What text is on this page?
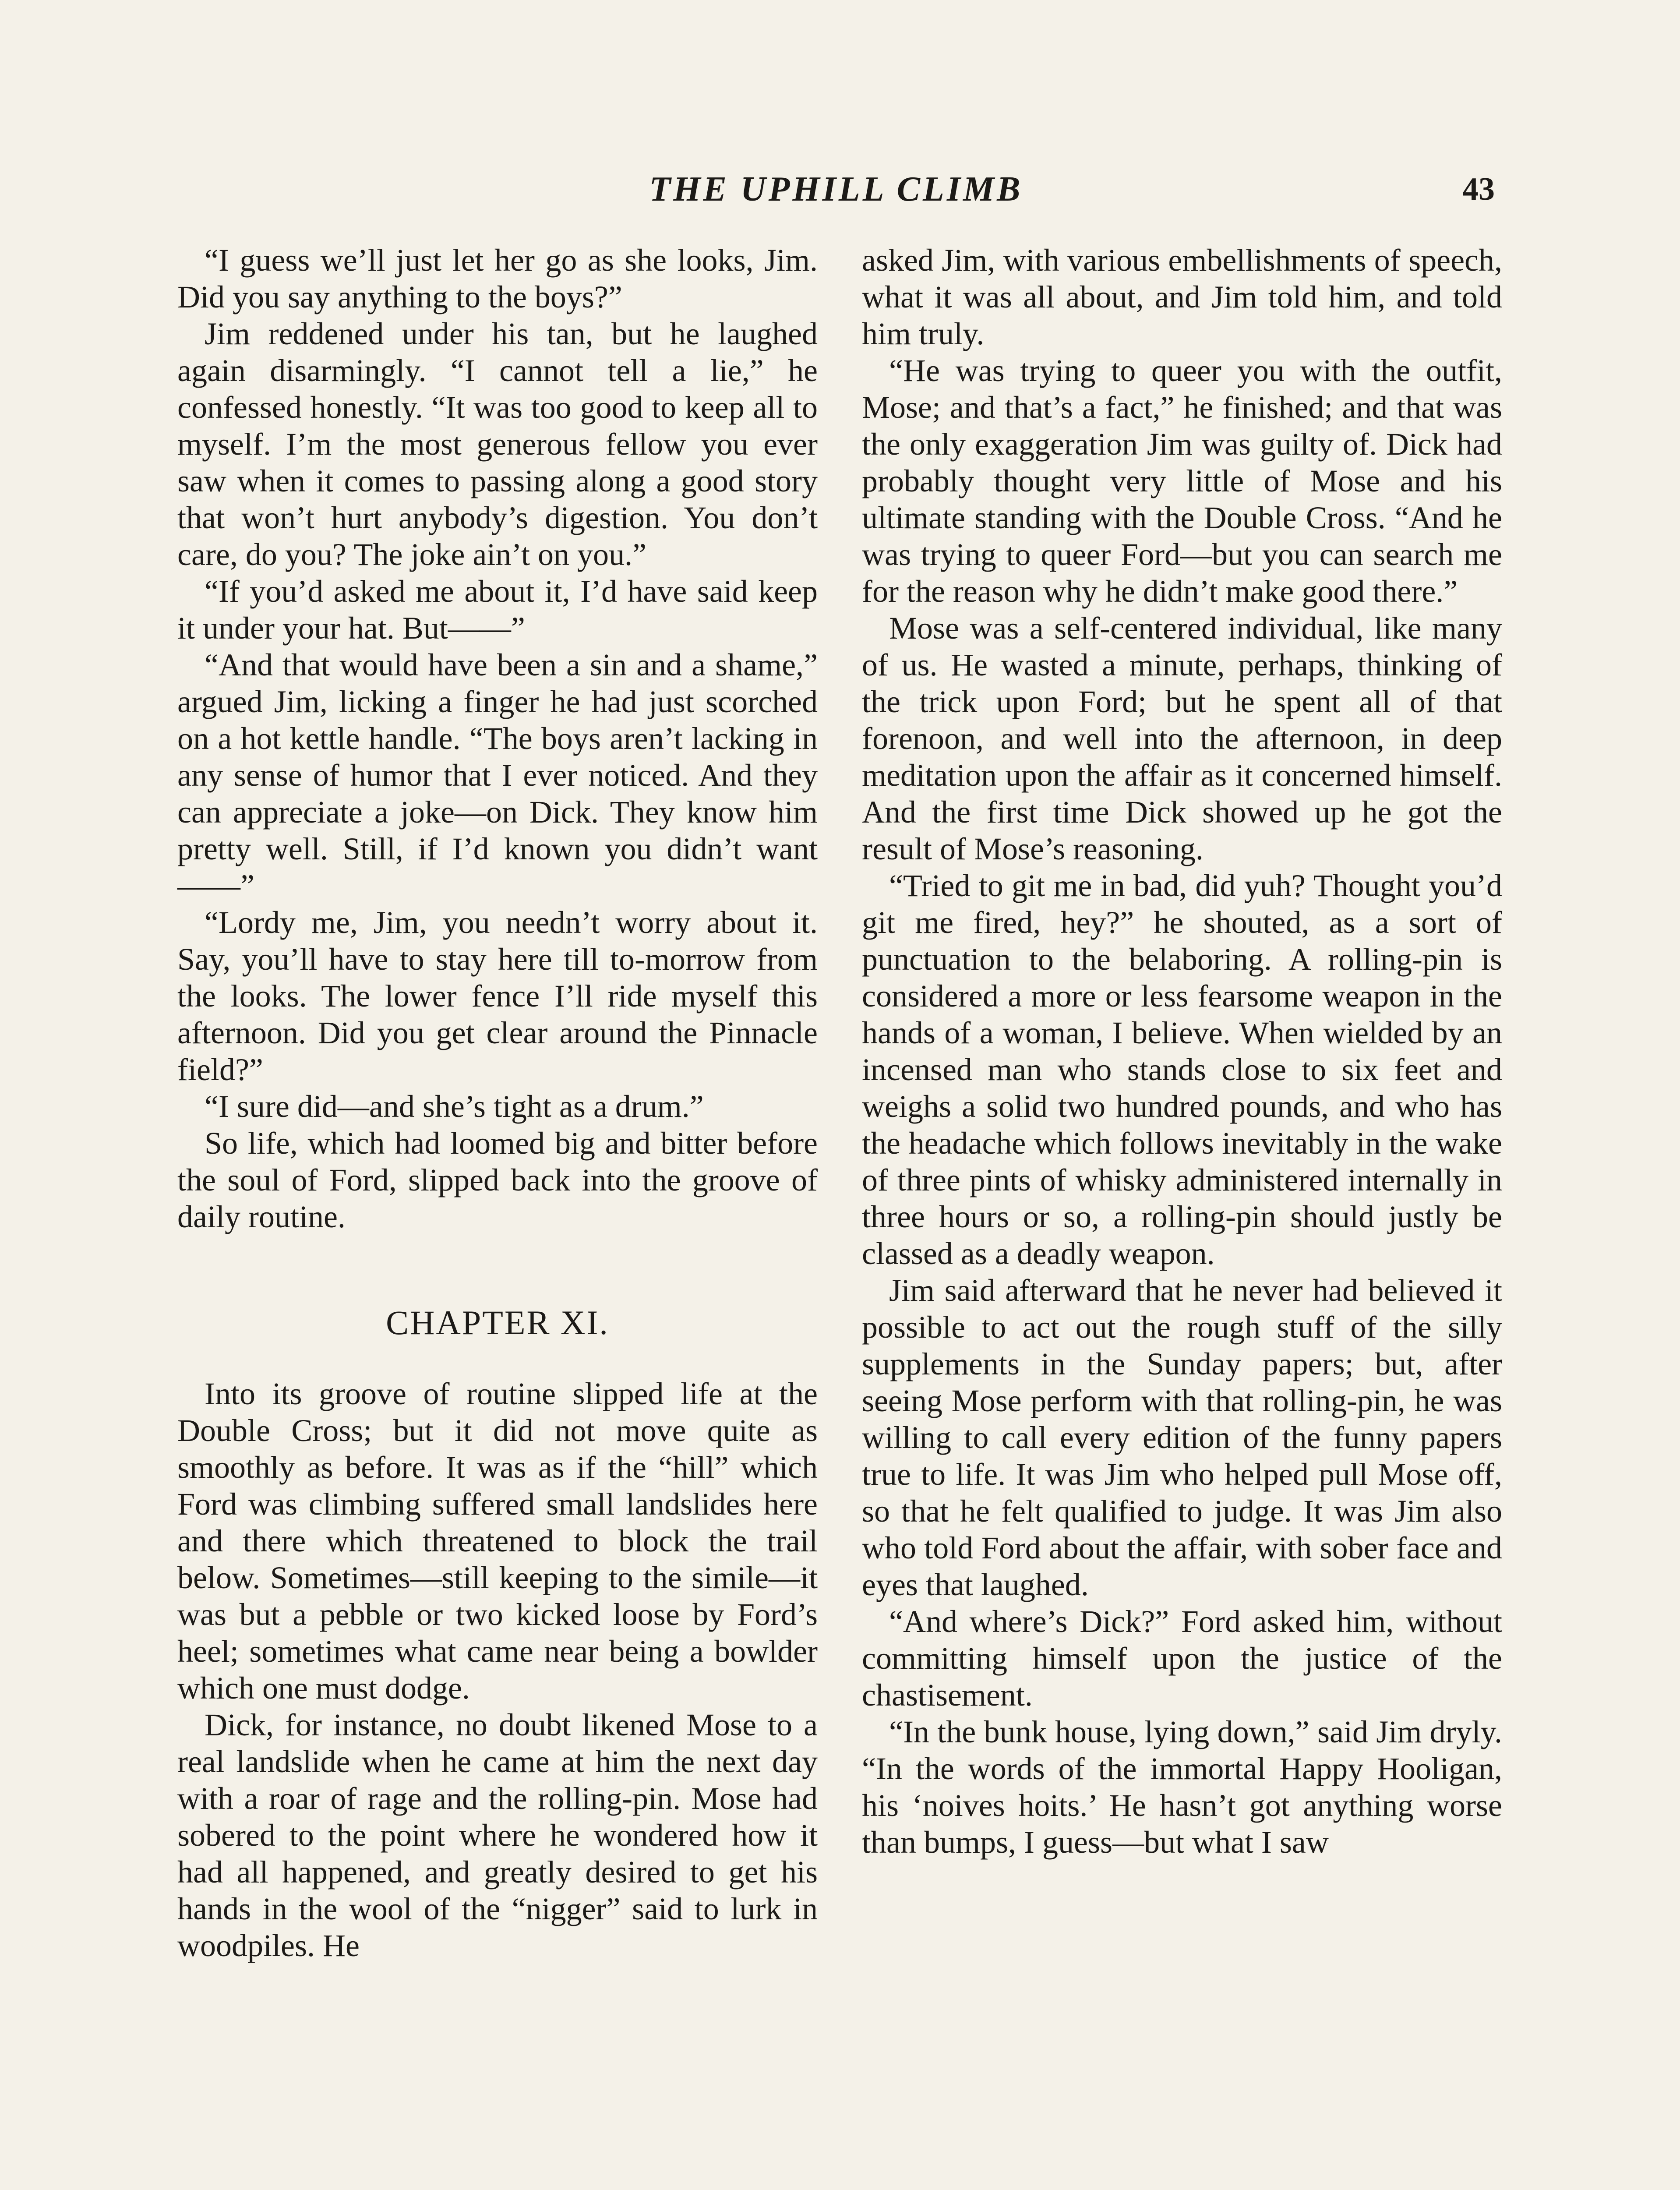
THE UPHILL CLIMB	43

“I guess we’ll just let her go as she looks, Jim. Did you say anything to the boys?”

Jim reddened under his tan, but he laughed again disarmingly. “I cannot tell a lie,” he confessed honestly. “It was too good to keep all to myself. I’m the most generous fellow you ever saw when it comes to passing along a good story that won’t hurt anybody’s digestion. You don’t care, do you? The joke ain’t on you.”

“If you’d asked me about it, I’d have said keep it under your hat. But——”

“And that would have been a sin and a shame,” argued Jim, licking a finger he had just scorched on a hot kettle handle. “The boys aren’t lacking in any sense of humor that I ever noticed. And they can appreciate a joke—on Dick. They know him pretty well. Still, if I’d known you didn’t want——”

“Lordy me, Jim, you needn’t worry about it. Say, you’ll have to stay here till to-morrow from the looks. The lower fence I’ll ride myself this afternoon. Did you get clear around the Pinnacle field?”

“I sure did—and she’s tight as a drum.”

So life, which had loomed big and bitter before the soul of Ford, slipped back into the groove of daily routine.

CHAPTER XI.

Into its groove of routine slipped life at the Double Cross; but it did not move quite as smoothly as before. It was as if the “hill” which Ford was climbing suffered small landslides here and there which threatened to block the trail below. Sometimes—still keeping to the simile—it was but a pebble or two kicked loose by Ford’s heel; sometimes what came near being a bowlder which one must dodge.

Dick, for instance, no doubt likened Mose to a real landslide when he came at him the next day with a roar of rage and the rolling-pin. Mose had sobered to the point where he wondered how it had all happened, and greatly desired to get his hands in the wool of the “nigger” said to lurk in woodpiles. He

asked Jim, with various embellishments of speech, what it was all about, and Jim told him, and told him truly.

“He was trying to queer you with the outfit, Mose; and that’s a fact,” he finished; and that was the only exaggeration Jim was guilty of. Dick had probably thought very little of Mose and his ultimate standing with the Double Cross. “And he was trying to queer Ford—but you can search me for the reason why he didn’t make good there.”

Mose was a self-centered individual, like many of us. He wasted a minute, perhaps, thinking of the trick upon Ford; but he spent all of that forenoon, and well into the afternoon, in deep meditation upon the affair as it concerned himself. And the first time Dick showed up he got the result of Mose’s reasoning.

“Tried to git me in bad, did yuh? Thought you’d git me fired, hey?” he shouted, as a sort of punctuation to the belaboring. A rolling-pin is considered a more or less fearsome weapon in the hands of a woman, I believe. When wielded by an incensed man who stands close to six feet and weighs a solid two hundred pounds, and who has the headache which follows inevitably in the wake of three pints of whisky administered internally in three hours or so, a rolling-pin should justly be classed as a deadly weapon.

Jim said afterward that he never had believed it possible to act out the rough stuff of the silly supplements in the Sunday papers; but, after seeing Mose perform with that rolling-pin, he was willing to call every edition of the funny papers true to life. It was Jim who helped pull Mose off, so that he felt qualified to judge. It was Jim also who told Ford about the affair, with sober face and eyes that laughed.

“And where’s Dick?” Ford asked him, without committing himself upon the justice of the chastisement.

“In the bunk house, lying down,” said Jim dryly. “In the words of the immortal Happy Hooligan, his ‘noives hoits.’ He hasn’t got anything worse than bumps, I guess—but what I saw
